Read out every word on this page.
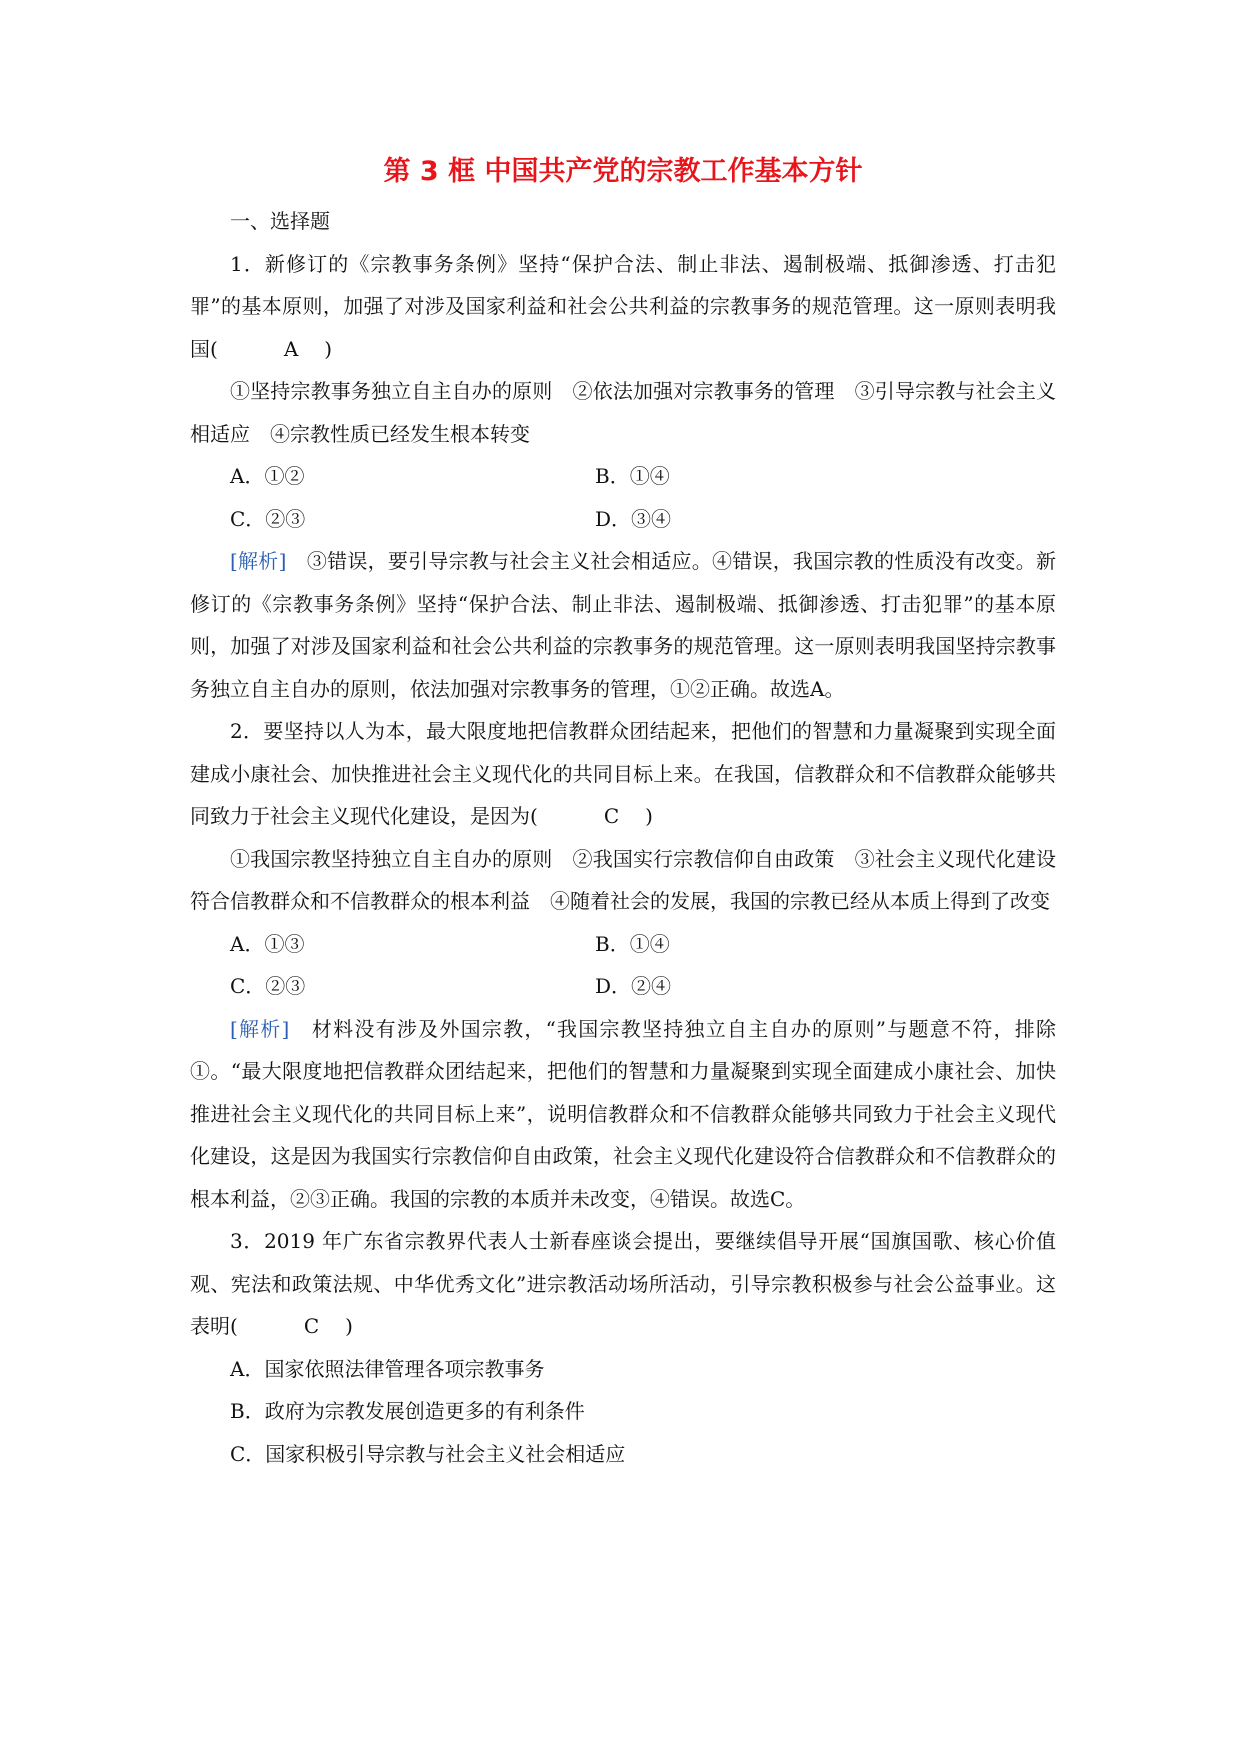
第 3 框 中国共产党的宗教工作基本方针
一、选择题
1．新修订的《宗教事务条例》坚持“保护合法、制止非法、遏制极端、抵御渗透、打击犯罪”的基本原则，加强了对涉及国家利益和社会公共利益的宗教事务的规范管理。这一原则表明我国(　A　)
①坚持宗教事务独立自主自办的原则　②依法加强对宗教事务的管理　③引导宗教与社会主义相适应　④宗教性质已经发生根本转变
A．①②	B．①④
C．②③	D．③④
[解析]　③错误，要引导宗教与社会主义社会相适应。④错误，我国宗教的性质没有改变。新修订的《宗教事务条例》坚持“保护合法、制止非法、遏制极端、抵御渗透、打击犯罪”的基本原则，加强了对涉及国家利益和社会公共利益的宗教事务的规范管理。这一原则表明我国坚持宗教事务独立自主自办的原则，依法加强对宗教事务的管理，①②正确。故选A。
2．要坚持以人为本，最大限度地把信教群众团结起来，把他们的智慧和力量凝聚到实现全面建成小康社会、加快推进社会主义现代化的共同目标上来。在我国，信教群众和不信教群众能够共同致力于社会主义现代化建设，是因为(　C　)
①我国宗教坚持独立自主自办的原则　②我国实行宗教信仰自由政策　③社会主义现代化建设符合信教群众和不信教群众的根本利益　④随着社会的发展，我国的宗教已经从本质上得到了改变
A．①③	B．①④
C．②③	D．②④
[解析]　材料没有涉及外国宗教，“我国宗教坚持独立自主自办的原则”与题意不符，排除①。“最大限度地把信教群众团结起来，把他们的智慧和力量凝聚到实现全面建成小康社会、加快推进社会主义现代化的共同目标上来”，说明信教群众和不信教群众能够共同致力于社会主义现代化建设，这是因为我国实行宗教信仰自由政策，社会主义现代化建设符合信教群众和不信教群众的根本利益，②③正确。我国的宗教的本质并未改变，④错误。故选C。
3．2019 年广东省宗教界代表人士新春座谈会提出，要继续倡导开展“国旗国歌、核心价值观、宪法和政策法规、中华优秀文化”进宗教活动场所活动，引导宗教积极参与社会公益事业。这表明(　C　)
A．国家依照法律管理各项宗教事务
B．政府为宗教发展创造更多的有利条件
C．国家积极引导宗教与社会主义社会相适应
